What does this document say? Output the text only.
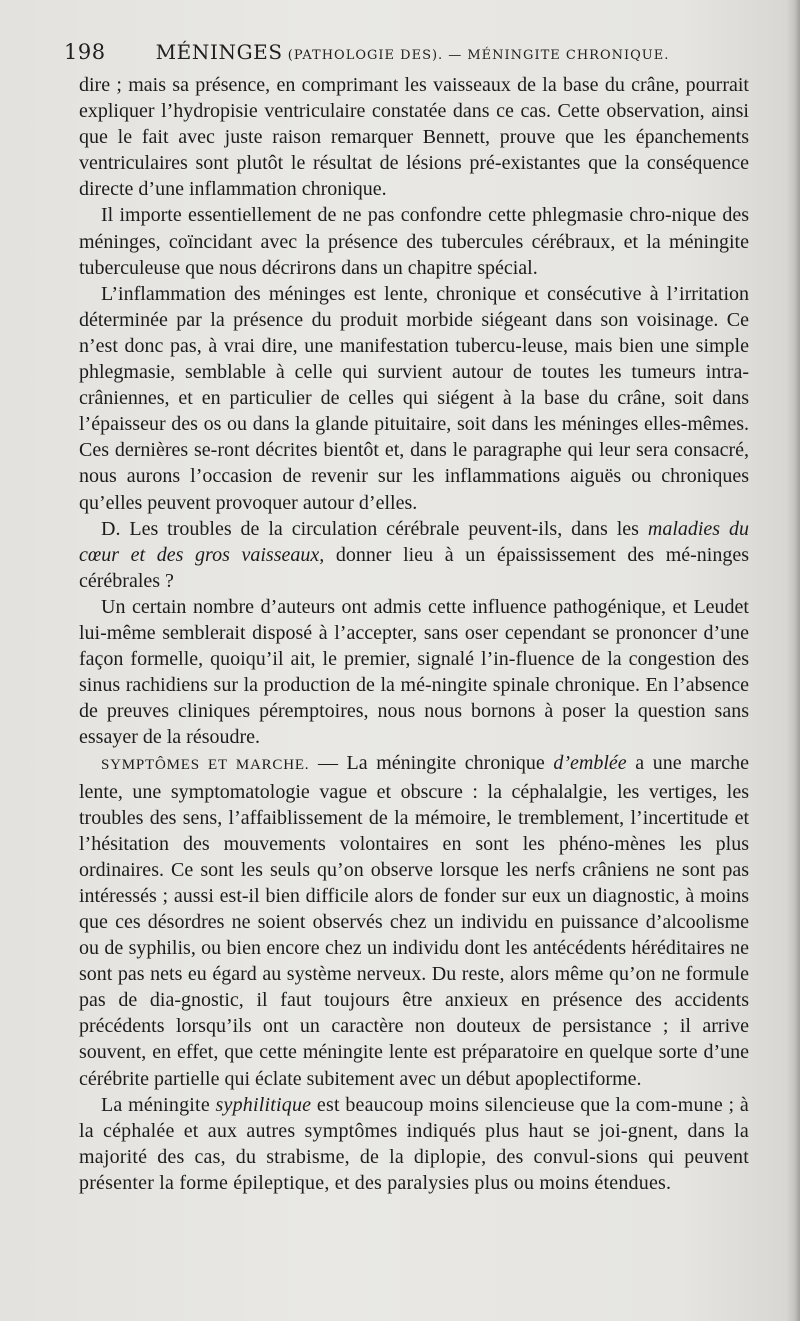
198	MÉNINGES (PATHOLOGIE DES). — MÉNINGITE CHRONIQUE.

dire ; mais sa présence, en comprimant les vaisseaux de la base du crâne, pourrait expliquer l’hydropisie ventriculaire constatée dans ce cas. Cette observation, ainsi que le fait avec juste raison remarquer Bennett, prouve que les épanchements ventriculaires sont plutôt le résultat de lésions pré-existantes que la conséquence directe d’une inflammation chronique.

Il importe essentiellement de ne pas confondre cette phlegmasie chro-nique des méninges, coïncidant avec la présence des tubercules cérébraux, et la méningite tuberculeuse que nous décrirons dans un chapitre spécial.

L’inflammation des méninges est lente, chronique et consécutive à l’irritation déterminée par la présence du produit morbide siégeant dans son voisinage. Ce n’est donc pas, à vrai dire, une manifestation tubercu-leuse, mais bien une simple phlegmasie, semblable à celle qui survient autour de toutes les tumeurs intra-crâniennes, et en particulier de celles qui siégent à la base du crâne, soit dans l’épaisseur des os ou dans la glande pituitaire, soit dans les méninges elles-mêmes. Ces dernières se-ront décrites bientôt et, dans le paragraphe qui leur sera consacré, nous aurons l’occasion de revenir sur les inflammations aiguës ou chroniques qu’elles peuvent provoquer autour d’elles.

D. Les troubles de la circulation cérébrale peuvent-ils, dans les maladies du cœur et des gros vaisseaux, donner lieu à un épaississement des mé-ninges cérébrales ?

Un certain nombre d’auteurs ont admis cette influence pathogénique, et Leudet lui-même semblerait disposé à l’accepter, sans oser cependant se prononcer d’une façon formelle, quoiqu’il ait, le premier, signalé l’in-fluence de la congestion des sinus rachidiens sur la production de la mé-ningite spinale chronique. En l’absence de preuves cliniques péremptoires, nous nous bornons à poser la question sans essayer de la résoudre.

SYMPTÔMES ET MARCHE. — La méningite chronique d’emblée a une marche lente, une symptomatologie vague et obscure : la céphalalgie, les vertiges, les troubles des sens, l’affaiblissement de la mémoire, le tremblement, l’incertitude et l’hésitation des mouvements volontaires en sont les phéno-mènes les plus ordinaires. Ce sont les seuls qu’on observe lorsque les nerfs crâniens ne sont pas intéressés ; aussi est-il bien difficile alors de fonder sur eux un diagnostic, à moins que ces désordres ne soient observés chez un individu en puissance d’alcoolisme ou de syphilis, ou bien encore chez un individu dont les antécédents héréditaires ne sont pas nets eu égard au système nerveux. Du reste, alors même qu’on ne formule pas de dia-gnostic, il faut toujours être anxieux en présence des accidents précédents lorsqu’ils ont un caractère non douteux de persistance ; il arrive souvent, en effet, que cette méningite lente est préparatoire en quelque sorte d’une cérébrite partielle qui éclate subitement avec un début apoplectiforme.

La méningite syphilitique est beaucoup moins silencieuse que la com-mune ; à la céphalée et aux autres symptômes indiqués plus haut se joi-gnent, dans la majorité des cas, du strabisme, de la diplopie, des convul-sions qui peuvent présenter la forme épileptique, et des paralysies plus ou moins étendues.
